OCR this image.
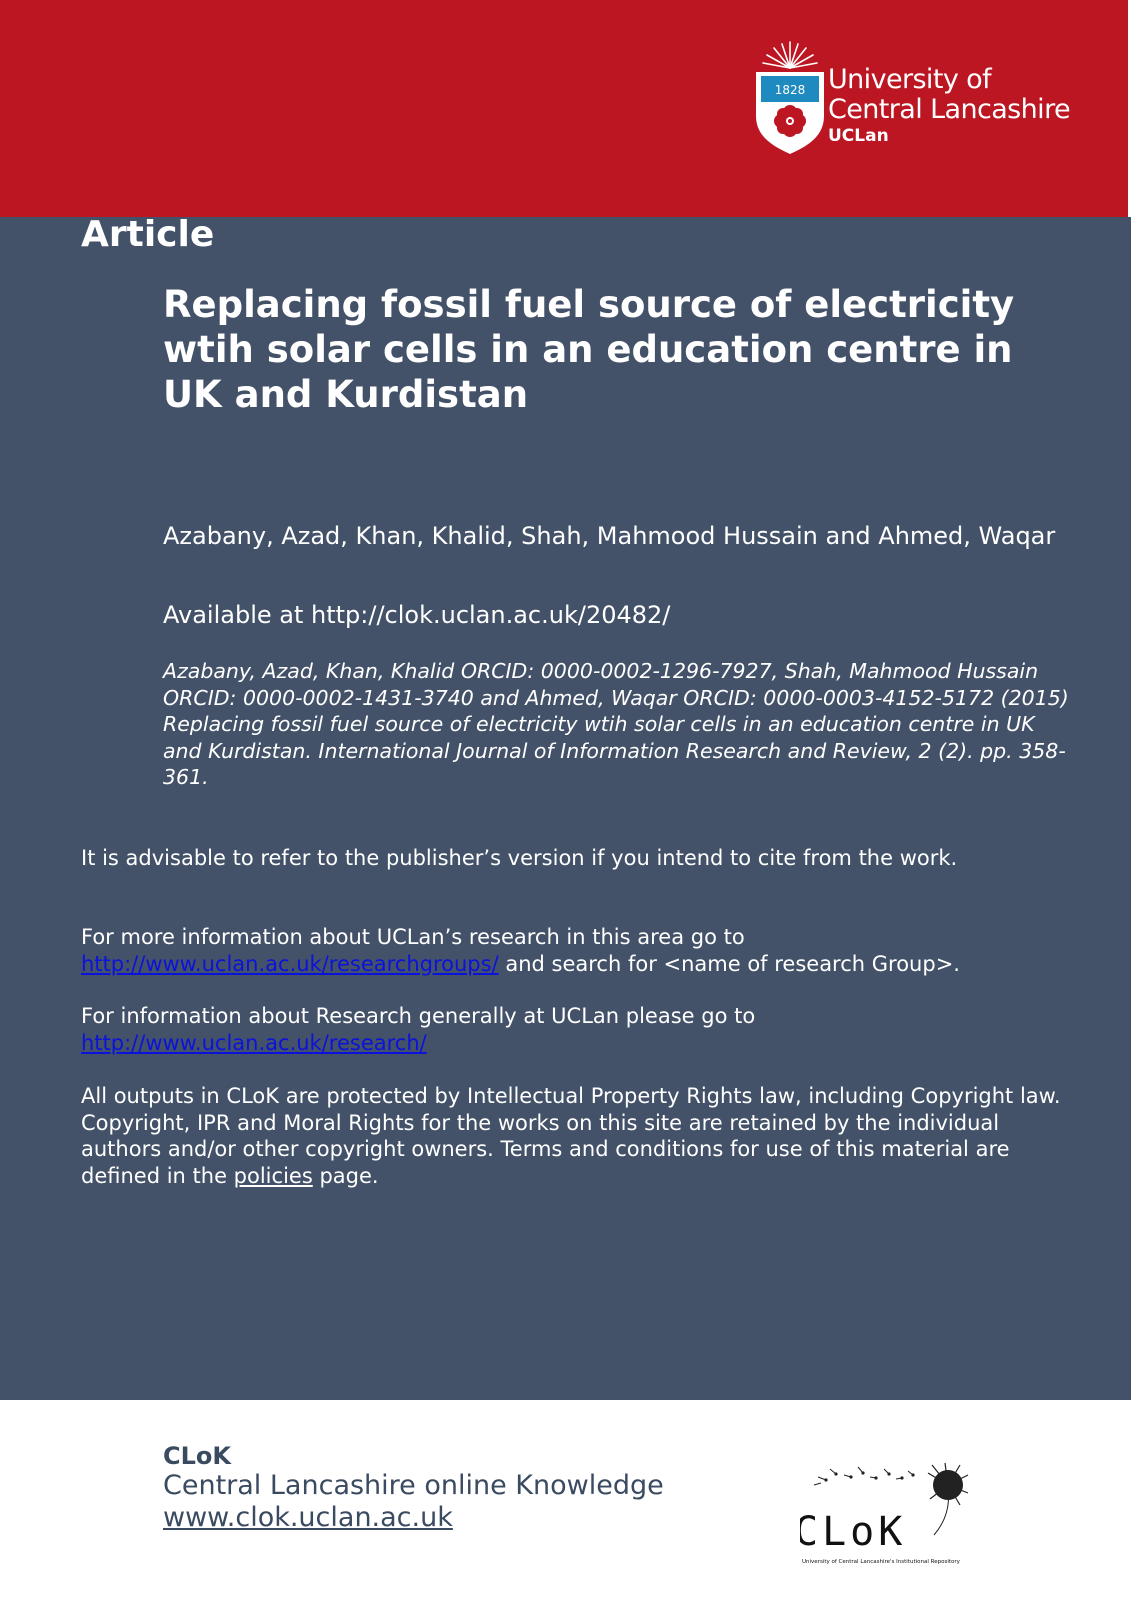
1828 University of
Central Lancashire
UCLan
Article
Replacing fossil fuel source of electricity wtih solar cells in an education centre in UK and Kurdistan
Azabany, Azad, Khan, Khalid, Shah, Mahmood Hussain and Ahmed, Waqar
Available at http://clok.uclan.ac.uk/20482/
Azabany, Azad, Khan, Khalid ORCID: 0000-0002-1296-7927, Shah, Mahmood Hussain ORCID: 0000-0002-1431-3740 and Ahmed, Waqar ORCID: 0000-0003-4152-5172 (2015) Replacing fossil fuel source of electricity wtih solar cells in an education centre in UK and Kurdistan. International Journal of Information Research and Review, 2 (2). pp. 358-361.
It is advisable to refer to the publisher’s version if you intend to cite from the work.
For more information about UCLan’s research in this area go to
http://www.uclan.ac.uk/researchgroups/ and search for <name of research Group>.
For information about Research generally at UCLan please go to
http://www.uclan.ac.uk/research/
All outputs in CLoK are protected by Intellectual Property Rights law, including Copyright law. Copyright, IPR and Moral Rights for the works on this site are retained by the individual authors and/or other copyright owners. Terms and conditions for use of this material are defined in the policies page.
CLoK
Central Lancashire online Knowledge
www.clok.uclan.ac.uk	CLoK
University of Central Lancashire's Institutional Repository
